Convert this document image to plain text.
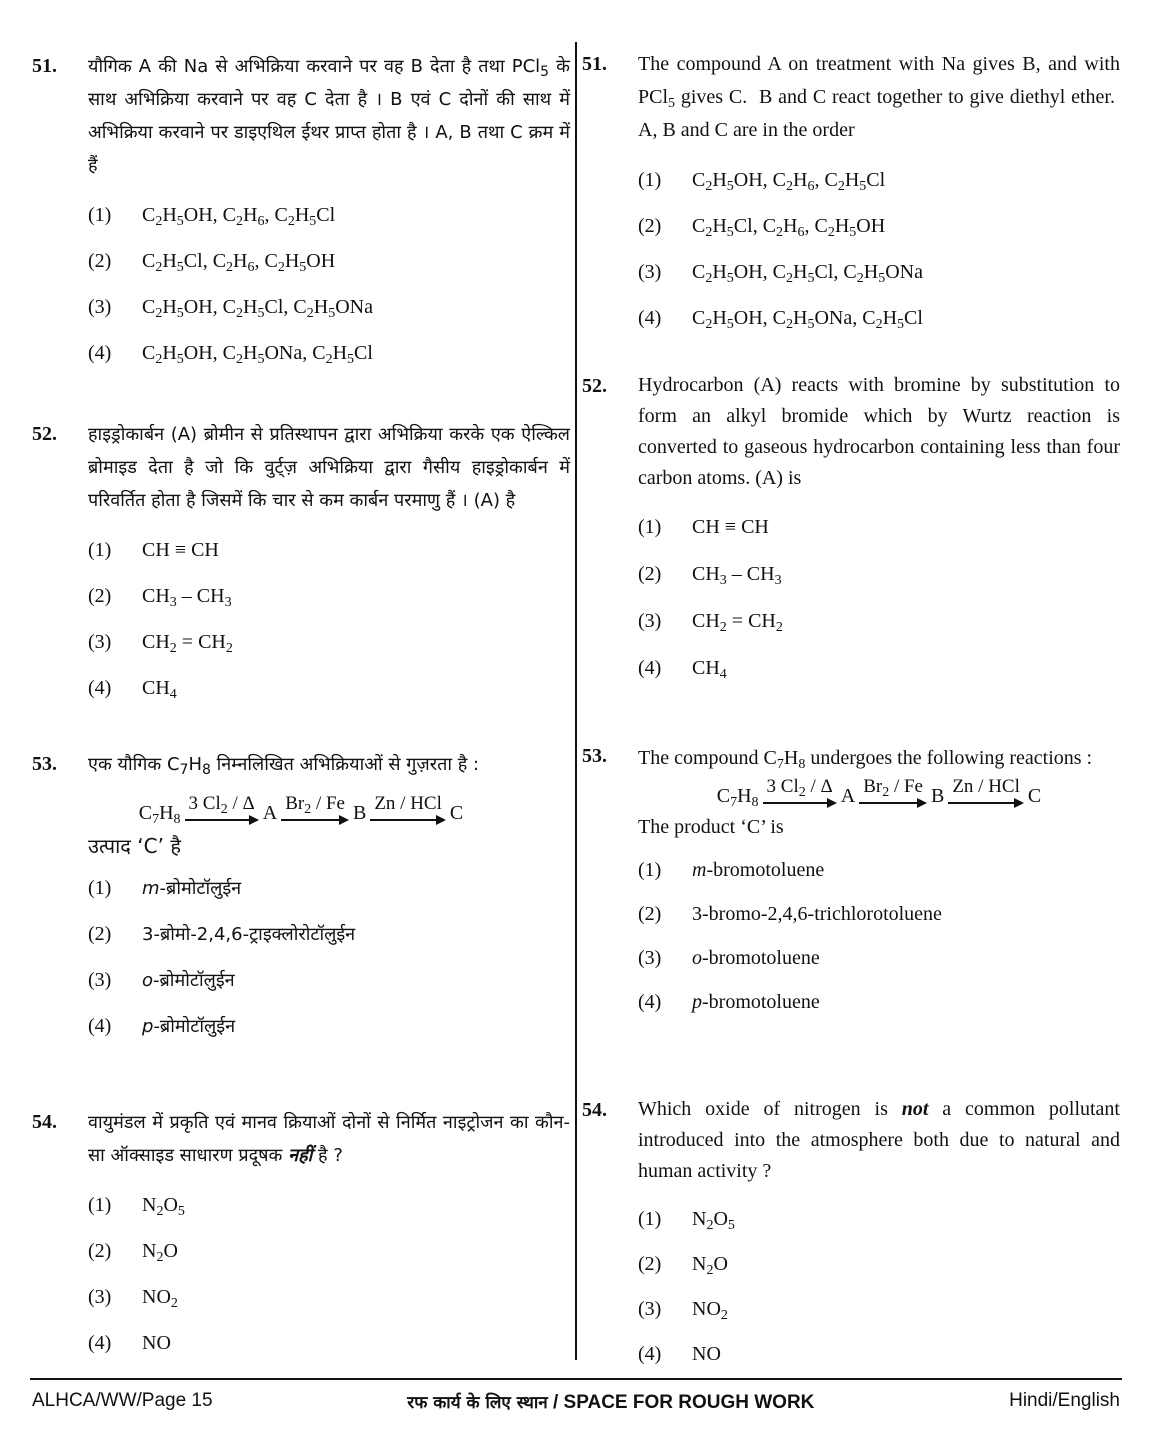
51.	यौगिक A की Na से अभिक्रिया करवाने पर वह B देता है तथा PCl$_5$ के साथ अभिक्रिया करवाने पर वह C देता है । B एवं C दोनों की साथ में अभिक्रिया करवाने पर डाइएथिल ईथर प्राप्त होता है । A, B तथा C क्रम में हैं
(1)	$C_2H_5OH$, $C_2H_6$, $C_2H_5Cl$
(2)	$C_2H_5Cl$, $C_2H_6$, $C_2H_5OH$
(3)	$C_2H_5OH$, $C_2H_5Cl$, $C_2H_5ONa$
(4)	$C_2H_5OH$, $C_2H_5ONa$, $C_2H_5Cl$
52.	हाइड्रोकार्बन (A) ब्रोमीन से प्रतिस्थापन द्वारा अभिक्रिया करके एक ऐल्किल ब्रोमाइड देता है जो कि वुर्ट्ज़ अभिक्रिया द्वारा गैसीय हाइड्रोकार्बन में परिवर्तित होता है जिसमें कि चार से कम कार्बन परमाणु हैं । (A) है
(1)	CH ≡ CH
(2)	$CH_3 - CH_3$
(3)	$CH_2 = CH_2$
(4)	$CH_4$
53.	एक यौगिक $C_7H_8$ निम्नलिखित अभिक्रियाओं से गुज़रता है :
$C_7H_8$
3 $Cl_2$ / Δ A $Br_2$ / Fe B Zn / HCl C
उत्पाद ‘C’ है
(1)	m-ब्रोमोटॉलुईन
(2)	3-ब्रोमो-2,4,6-ट्राइक्लोरोटॉलुईन
(3)	o-ब्रोमोटॉलुईन
(4)	p-ब्रोमोटॉलुईन
54.	वायुमंडल में प्रकृति एवं मानव क्रियाओं दोनों से निर्मित नाइट्रोजन का कौन-सा ऑक्साइड साधारण प्रदूषक नहीं है ?
(1)	$N_2O_5$
(2)	$N_2O$
(3)	$NO_2$
(4)	NO
51.	The compound A on treatment with Na gives B, and with PCl$_5$ gives C.  B and C react together to give diethyl ether.  A, B and C are in the order
(1)	$C_2H_5OH$, $C_2H_6$, $C_2H_5Cl$
(2)	$C_2H_5Cl$, $C_2H_6$, $C_2H_5OH$
(3)	$C_2H_5OH$, $C_2H_5Cl$, $C_2H_5ONa$
(4)	$C_2H_5OH$, $C_2H_5ONa$, $C_2H_5Cl$
52.	Hydrocarbon (A) reacts with bromine by substitution to form an alkyl bromide which by Wurtz reaction is converted to gaseous hydrocarbon containing less than four carbon atoms. (A) is
(1)	CH ≡ CH
(2)	$CH_3 - CH_3$
(3)	$CH_2 = CH_2$
(4)	$CH_4$
53.	The compound $C_7H_8$ undergoes the following reactions :
$C_7H_8$
3 $Cl_2$ / Δ A $Br_2$ / Fe B Zn / HCl C
The product ‘C’ is
(1)	m-bromotoluene
(2)	3-bromo-2,4,6-trichlorotoluene
(3)	o-bromotoluene
(4)	p-bromotoluene
54.	Which oxide of nitrogen is not a common pollutant introduced into the atmosphere both due to natural and human activity ?
(1)	$N_2O_5$
(2)	$N_2O$
(3)	$NO_2$
(4)	NO
ALHCA/WW/Page 15	रफ कार्य के लिए स्थान / SPACE FOR ROUGH WORK	Hindi/English
